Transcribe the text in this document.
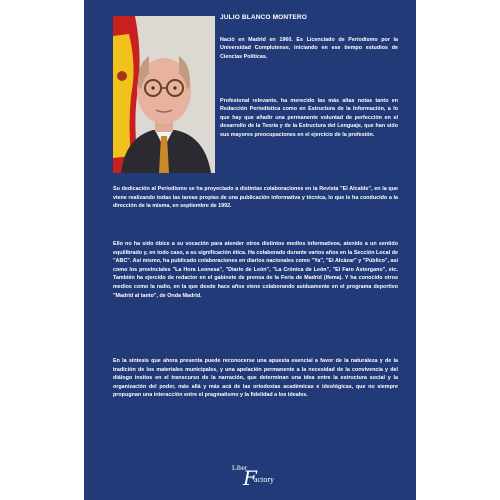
JULIO BLANCO MONTERO

Nació en Madrid en 1960. Es Licenciado de Periodismo por la Universidad Complutense, iniciando en ese tiempo estudios de Ciencias Políticas.

Profesional relevante, ha merecido las más altas notas tanto en Redacción Periodística como en Estructura de la Información, a lo que hay que añadir una permanente voluntad de perfección en el desarrollo de la Teoría y de la Estructura del Lenguaje, que han sido sus mayores preocupaciones en el ejercicio de la profesión.

Su dedicación al Periodismo se ha proyectado a distintas colaboraciones en la Revista "El Alcalde", en la que viene realizando todas las tareas propias de una publicación informativa y técnica, lo que le ha conducido a la dirección de la misma, en septiembre de 1992.

Ello no ha sido óbice a su vocación para atender otros distintos medios informativos, atenido a un sentido equilibrado y, en todo caso, a su significación ética. Ha colaborado durante varios años en la Sección Local de "ABC". Así mismo, ha publicado colaboraciones en diarios nacionales como "Ya", "El Alcázar" y "Público", así como los provinciales "La Hora Leonesa", "Diario de León", "La Crónica de León", "El Faro Astorgano", etc. También ha ejercido de redactor en el gabinete de prensa de la Feria de Madrid (Ifema). Y ha conocido otros medios como la radio, en la que desde hace años viene colaborando asiduamente en el programa deportivo "Madrid al tanto", de Onda Madrid.

En la síntesis que ahora presenta puede reconocerse una apuesta esencial a favor de la naturaleza y de la tradición de los materiales municipales, y una apelación permanente a la necesidad de la convivencia y del diálogo insitos en el transcurso de la narración, que determinan una idea entre la estructura social y la organización del poder, más allá y más acá de las ortodoxias académicas e ideológicas, que no siempre propugnan una interacción entre el pragmatismo y la fidelidad a los ideales.

Liber
F
actory
